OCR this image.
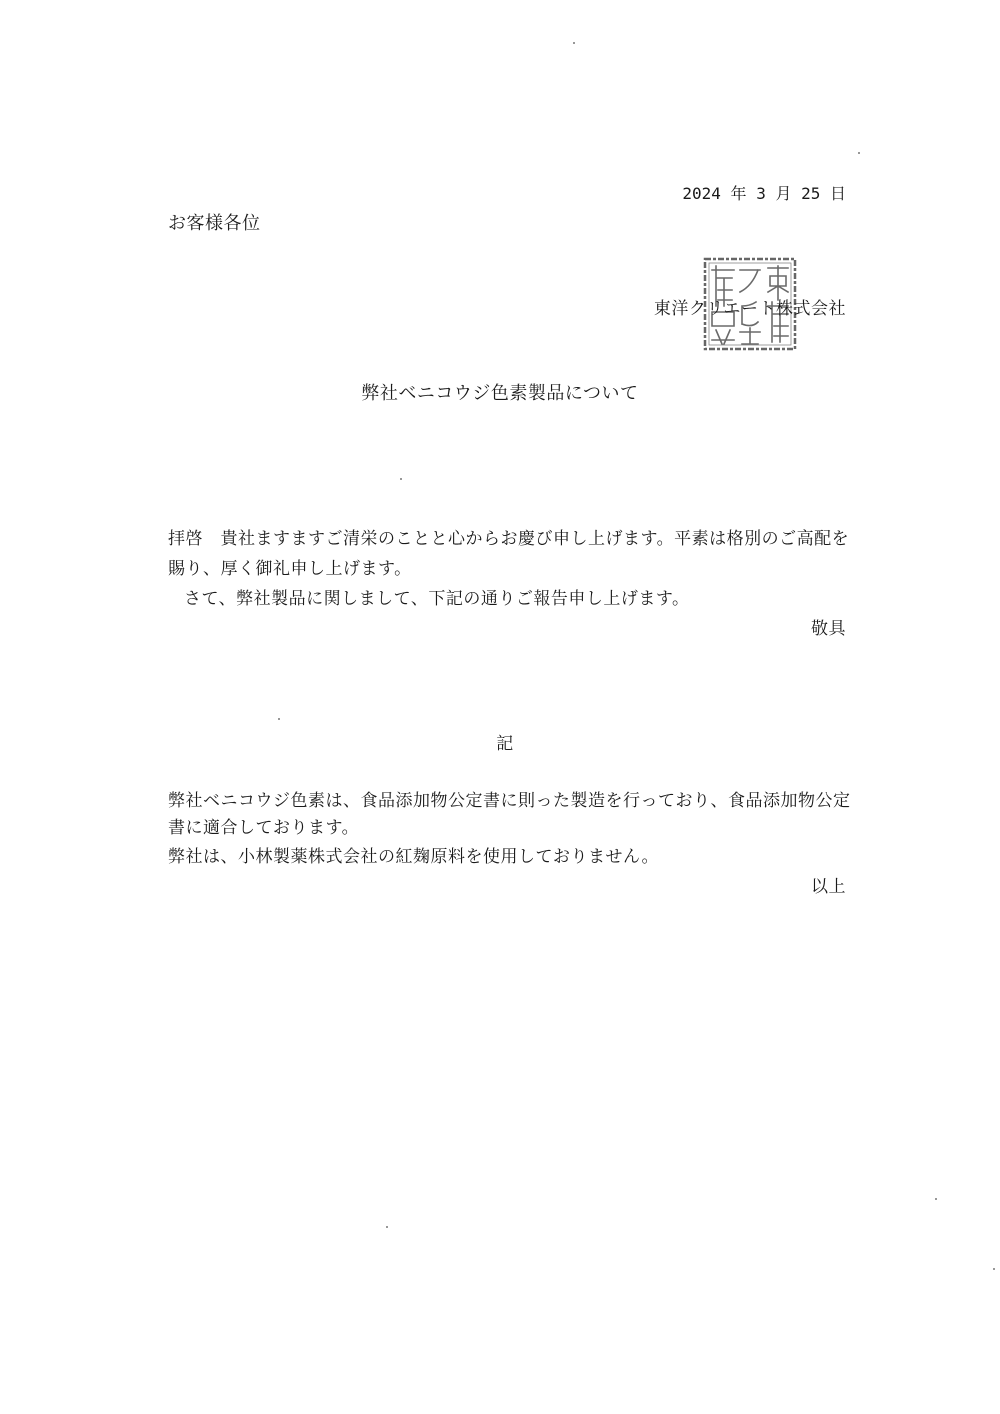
2024 年 3 月 25 日
お客様各位
東洋クリエート株式会社
弊社ベニコウジ色素製品について
拝啓　貴社ますますご清栄のことと心からお慶び申し上げます。平素は格別のご高配を
賜り、厚く御礼申し上げます。
さて、弊社製品に関しまして、下記の通りご報告申し上げます。
敬具
記
弊社ベニコウジ色素は、食品添加物公定書に則った製造を行っており、食品添加物公定
書に適合しております。
弊社は、小林製薬株式会社の紅麹原料を使用しておりません。
以上
